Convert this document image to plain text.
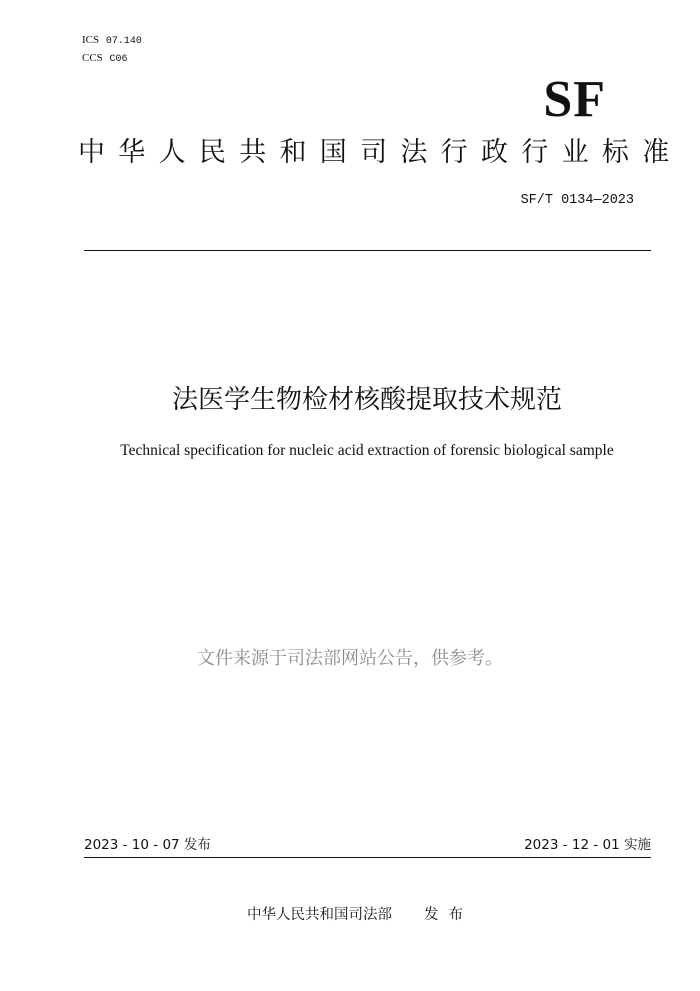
ICS 07.140
CCS C06
SF
中华人民共和国司法行政行业标准
SF/T 0134—2023
法医学生物检材核酸提取技术规范
Technical specification for nucleic acid extraction of forensic biological sample
文件来源于司法部网站公告，供参考。
2023 - 10 - 07 发布	2023 - 12 - 01 实施
中华人民共和国司法部 发布
